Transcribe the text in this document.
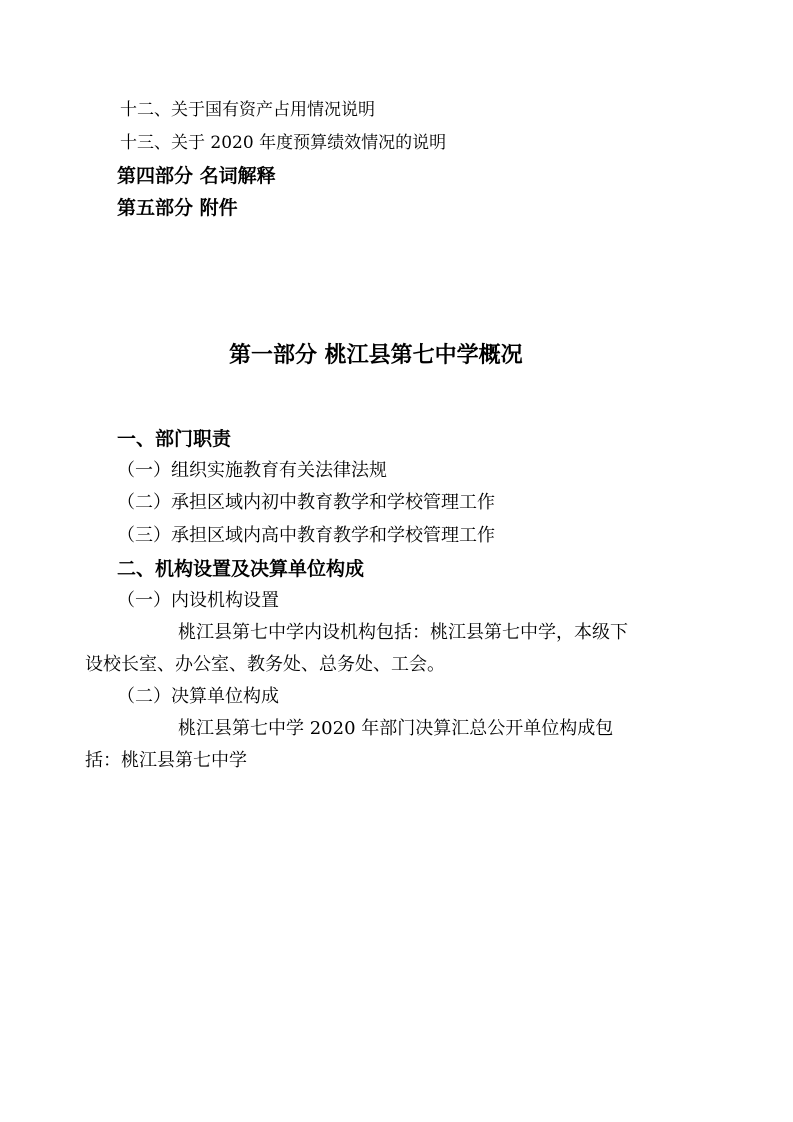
十二、关于国有资产占用情况说明
十三、关于 2020 年度预算绩效情况的说明
第四部分 名词解释
第五部分 附件
第一部分 桃江县第七中学概况
一、部门职责
（一）组织实施教育有关法律法规
（二）承担区域内初中教育教学和学校管理工作
（三）承担区域内高中教育教学和学校管理工作
二、机构设置及决算单位构成
（一）内设机构设置
桃江县第七中学内设机构包括：桃江县第七中学，本级下
设校长室、办公室、教务处、总务处、工会。
（二）决算单位构成
桃江县第七中学 2020 年部门决算汇总公开单位构成包
括：桃江县第七中学
